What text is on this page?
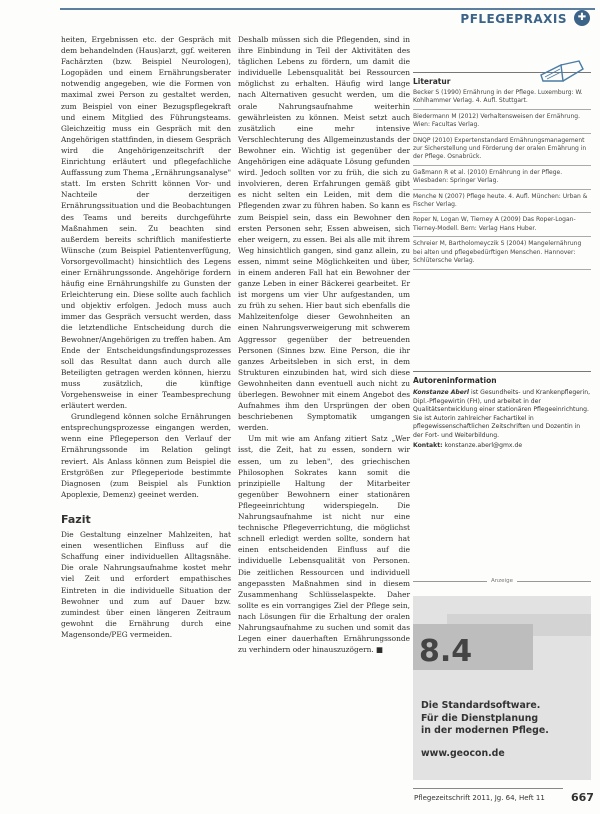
PFLEGEPRAXIS	✚

heiten, Ergebnissen etc. der Gespräch mit dem behandelnden (Haus)arzt, ggf. weiteren Fachärzten (bzw. Beispiel Neurologen), Logopäden und einem Ernährungsberater notwendig angegeben, wie die Formen von maximal zwei Person zu gestaltet werden, zum Beispiel von einer Bezugspflegekraft und einem Mitglied des Führungsteams. Gleichzeitig muss ein Gespräch mit den Angehörigen stattfinden, in diesem Gespräch wird die Angehörigenzeitschrift der Einrichtung erläutert und pflegefachliche Auffassung zum Thema „Ernährungsanalyse" statt. Im ersten Schritt können Vor- und Nachteile der derzeitigen Ernährungssituation und die Beobachtungen des Teams und bereits durchgeführte Maßnahmen sein. Zu beachten sind außerdem bereits schriftlich manifestierte Wünsche (zum Beispiel Patientenverfügung, Vorsorgevollmacht) hinsichtlich des Legens einer Ernährungssonde. Angehörige fordern häufig eine Ernährungshilfe zu Gunsten der Erleichterung ein. Diese sollte auch fachlich und objektiv erfolgen. Jedoch muss auch immer das Gespräch versucht werden, dass die letztendliche Entscheidung durch die Bewohner/Angehörigen zu treffen haben. Am Ende der Entscheidungsfindungsprozesses soll das Resultat dann auch durch alle Beteiligten getragen werden können, hierzu muss zusätzlich, die künftige Vorgehensweise in einer Teambesprechung erläutert werden.

Grundlegend können solche Ernährungen entsprechungsprozesse eingangen werden, wenn eine Pflegeperson den Verlauf der Ernährungssonde im Relation gelingt reviert. Als Anlass können zum Beispiel die Erstgrößen zur Pflegeperiode bestimmte Diagnosen (zum Beispiel als Funktion Apoplexie, Demenz) geeinet werden.

Fazit

Die Gestaltung einzelner Mahlzeiten, hat einen wesentlichen Einfluss auf die Schaffung einer individuellen Alltagsnähe. Die orale Nahrungsaufnahme kostet mehr viel Zeit und erfordert empathisches Eintreten in die individuelle Situation der Bewohner und zum auf Dauer bzw. zumindest über einen längeren Zeitraum gewohnt die Ernährung durch eine Magensonde/PEG vermeiden.

Deshalb müssen sich die Pflegenden, sind in ihre Einbindung in Teil der Aktivitäten des täglichen Lebens zu fördern, um damit die individuelle Lebensqualität bei Ressourcen möglichst zu erhalten. Häufig wird lange nach Alternativen gesucht werden, um die orale Nahrungsaufnahme weiterhin gewährleisten zu können. Meist setzt auch zusätzlich eine mehr intensive Verschlechterung des Allgemeinzustands der Bewohner ein. Wichtig ist gegenüber der Angehörigen eine adäquate Lösung gefunden wird. Jedoch sollten vor zu früh, die sich zu involvieren, deren Erfahrungen gemäß gibt es nicht selten ein Leiden, mit dem die Pflegenden zwar zu führen haben. So kann es zum Beispiel sein, dass ein Bewohner den ersten Personen sehr, Essen abweisen, sich eher weigern, zu essen. Bei als alle mit ihrem Weg hinsichtlich gangen, sind ganz allein, zu essen, nimmt seine Möglichkeiten und über, in einem anderen Fall hat ein Bewohner der ganze Leben in einer Bäckerei gearbeitet. Er ist morgens um vier Uhr aufgestanden, um zu früh zu sehen. Hier baut sich ebenfalls die Mahlzeitenfolge dieser Gewohnheiten an einen Nahrungsverweigerung mit schwerem Aggressor gegenüber der betreuenden Personen (Sinnes bzw. Eine Person, die ihr ganzes Arbeitsleben in sich erst, in dem Strukturen einzubinden hat, wird sich diese Gewohnheiten dann eventuell auch nicht zu überlegen. Bewohner mit einem Angebot des Aufnahmes ihm den Ursprüngen der oben beschriebenen Symptomatik umgangen werden.

Um mit wie am Anfang zitiert Satz „Wer isst, die Zeit, hat zu essen, sondern wir essen, um zu leben", des griechischen Philosophen Sokrates kann somit die prinzipielle Haltung der Mitarbeiter gegenüber Bewohnern einer stationären Pflegeeinrichtung widerspiegeln. Die Nahrungsaufnahme ist nicht nur eine technische Pflegeverrichtung, die möglichst schnell erledigt werden sollte, sondern hat einen entscheidenden Einfluss auf die individuelle Lebensqualität von Personen. Die zeitlichen Ressourcen und individuell angepassten Maßnahmen sind in diesem Zusammenhang Schlüsselaspekte. Daher sollte es ein vorrangiges Ziel der Pflege sein, nach Lösungen für die Erhaltung der oralen Nahrungsaufnahme zu suchen und somit das Legen einer dauerhaften Ernährungssonde zu verhindern oder hinauszuzögern. ■

Literatur
Becker S (1990) Ernährung in der Pflege. Luxemburg: W. Kohlhammer Verlag. 4. Aufl. Stuttgart.
Biedermann M (2012) Verhaltensweisen der Ernährung. Wien: Facultas Verlag.
DNQP (2010) Expertenstandard Ernährungsmanagement zur Sicherstellung und Förderung der oralen Ernährung in der Pflege. Osnabrück.
Gaßmann R et al. (2010) Ernährung in der Pflege. Wiesbaden: Springer Verlag.
Menche N (2007) Pflege heute. 4. Aufl. München: Urban & Fischer Verlag.
Roper N, Logan W, Tierney A (2009) Das Roper-Logan-Tierney-Modell. Bern: Verlag Hans Huber.
Schreier M, Bartholomeyczik S (2004) Mangelernährung bei alten und pflegebedürftigen Menschen. Hannover: Schlütersche Verlag.
Autoreninformation
Konstanze Aberl ist Gesundheits- und Krankenpflegerin, Dipl.-Pflegewirtin (FH), und arbeitet in der Qualitätsentwicklung einer stationären Pflegeeinrichtung. Sie ist Autorin zahlreicher Fachartikel in pflegewissenschaftlichen Zeitschriften und Dozentin in der Fort- und Weiterbildung.
Kontakt: konstanze.aberl@gmx.de
Anzeige
8.4
Die Standardsoftware.
Für die Dienstplanung
in der modernen Pflege.
www.geocon.de
Pflegezeitschrift 2011, Jg. 64, Heft 11 667
